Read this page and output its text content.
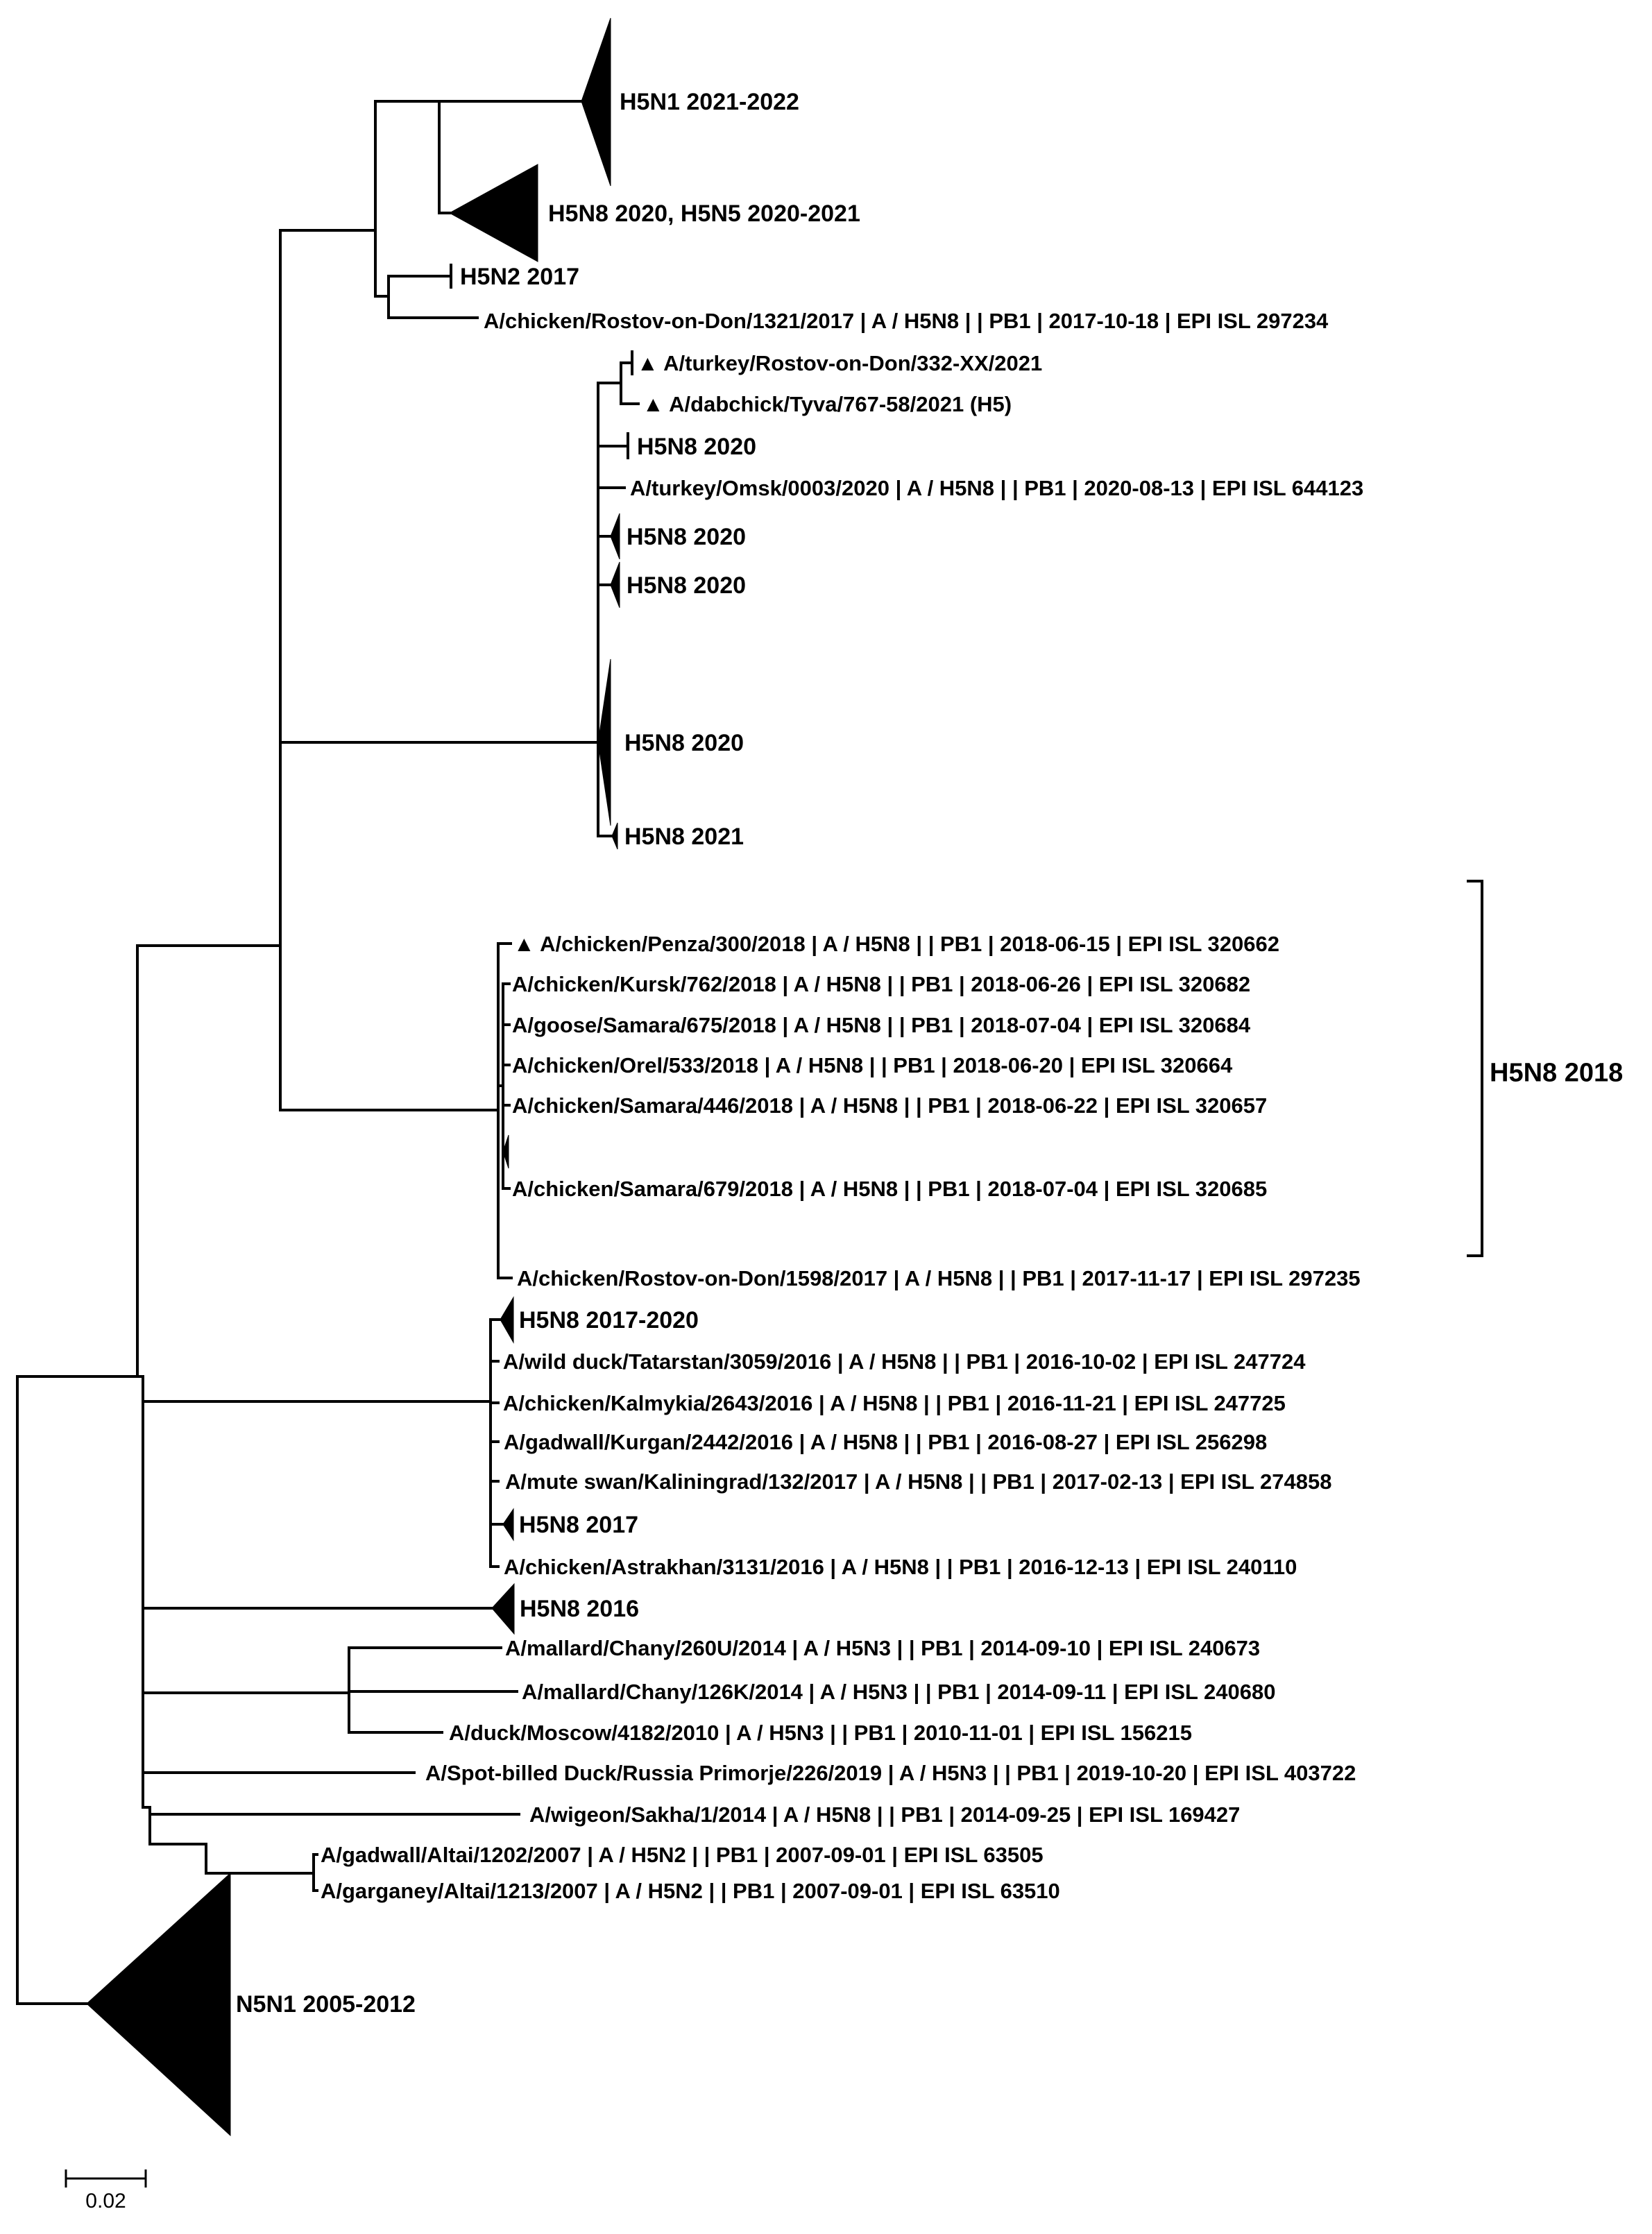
H5N1 2021-2022
H5N8 2020, H5N5 2020-2021
H5N2 2017
A/chicken/Rostov-on-Don/1321/2017 | A / H5N8 | | PB1 | 2017-10-18 | EPI ISL 297234
▲ A/turkey/Rostov-on-Don/332-XX/2021
▲ A/dabchick/Tyva/767-58/2021 (H5)
H5N8 2020
A/turkey/Omsk/0003/2020 | A / H5N8 | | PB1 | 2020-08-13 | EPI ISL 644123
H5N8 2020
H5N8 2020
H5N8 2020
H5N8 2021
▲ A/chicken/Penza/300/2018 | A / H5N8 | | PB1 | 2018-06-15 | EPI ISL 320662
A/chicken/Kursk/762/2018 | A / H5N8 | | PB1 | 2018-06-26 | EPI ISL 320682
A/goose/Samara/675/2018 | A / H5N8 | | PB1 | 2018-07-04 | EPI ISL 320684
A/chicken/Orel/533/2018 | A / H5N8 | | PB1 | 2018-06-20 | EPI ISL 320664
A/chicken/Samara/446/2018 | A / H5N8 | | PB1 | 2018-06-22 | EPI ISL 320657
A/chicken/Samara/679/2018 | A / H5N8 | | PB1 | 2018-07-04 | EPI ISL 320685
A/chicken/Rostov-on-Don/1598/2017 | A / H5N8 | | PB1 | 2017-11-17 | EPI ISL 297235
H5N8 2017-2020
A/wild duck/Tatarstan/3059/2016 | A / H5N8 | | PB1 | 2016-10-02 | EPI ISL 247724
A/chicken/Kalmykia/2643/2016 | A / H5N8 | | PB1 | 2016-11-21 | EPI ISL 247725
A/gadwall/Kurgan/2442/2016 | A / H5N8 | | PB1 | 2016-08-27 | EPI ISL 256298
A/mute swan/Kaliningrad/132/2017 | A / H5N8 | | PB1 | 2017-02-13 | EPI ISL 274858
H5N8 2017
A/chicken/Astrakhan/3131/2016 | A / H5N8 | | PB1 | 2016-12-13 | EPI ISL 240110
H5N8 2016
A/mallard/Chany/260U/2014 | A / H5N3 | | PB1 | 2014-09-10 | EPI ISL 240673
A/mallard/Chany/126K/2014 | A / H5N3 | | PB1 | 2014-09-11 | EPI ISL 240680
A/duck/Moscow/4182/2010 | A / H5N3 | | PB1 | 2010-11-01 | EPI ISL 156215
A/Spot-billed Duck/Russia Primorje/226/2019 | A / H5N3 | | PB1 | 2019-10-20 | EPI ISL 403722
A/wigeon/Sakha/1/2014 | A / H5N8 | | PB1 | 2014-09-25 | EPI ISL 169427
A/gadwall/Altai/1202/2007 | A / H5N2 | | PB1 | 2007-09-01 | EPI ISL 63505
A/garganey/Altai/1213/2007 | A / H5N2 | | PB1 | 2007-09-01 | EPI ISL 63510
N5N1 2005-2012
H5N8 2018
0.02
